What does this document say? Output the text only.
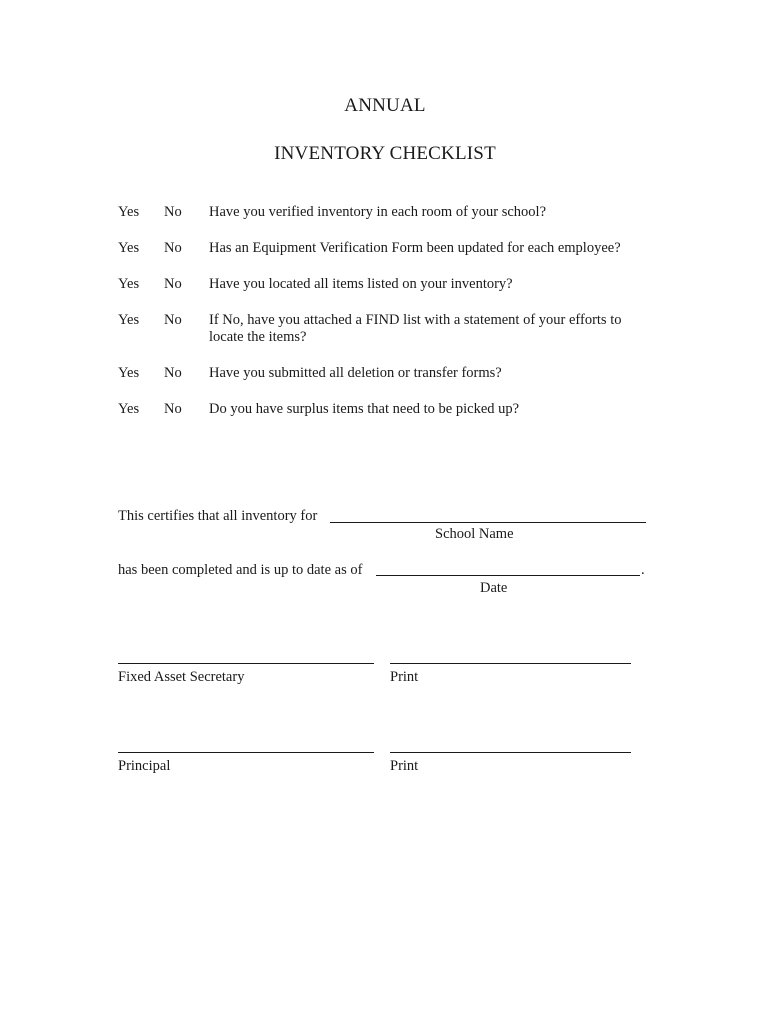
ANNUAL
INVENTORY CHECKLIST
Yes No Have you verified inventory in each room of your school?
Yes No Has an Equipment Verification Form been updated for each employee?
Yes No Have you located all items listed on your inventory?
Yes No If No, have you attached a FIND list with a statement of your efforts to locate the items?
Yes No Have you submitted all deletion or transfer forms?
Yes No Do you have surplus items that need to be picked up?
This certifies that all inventory for
School Name
has been completed and is up to date as of	.
Date
Fixed Asset Secretary	Print
Principal	Print
